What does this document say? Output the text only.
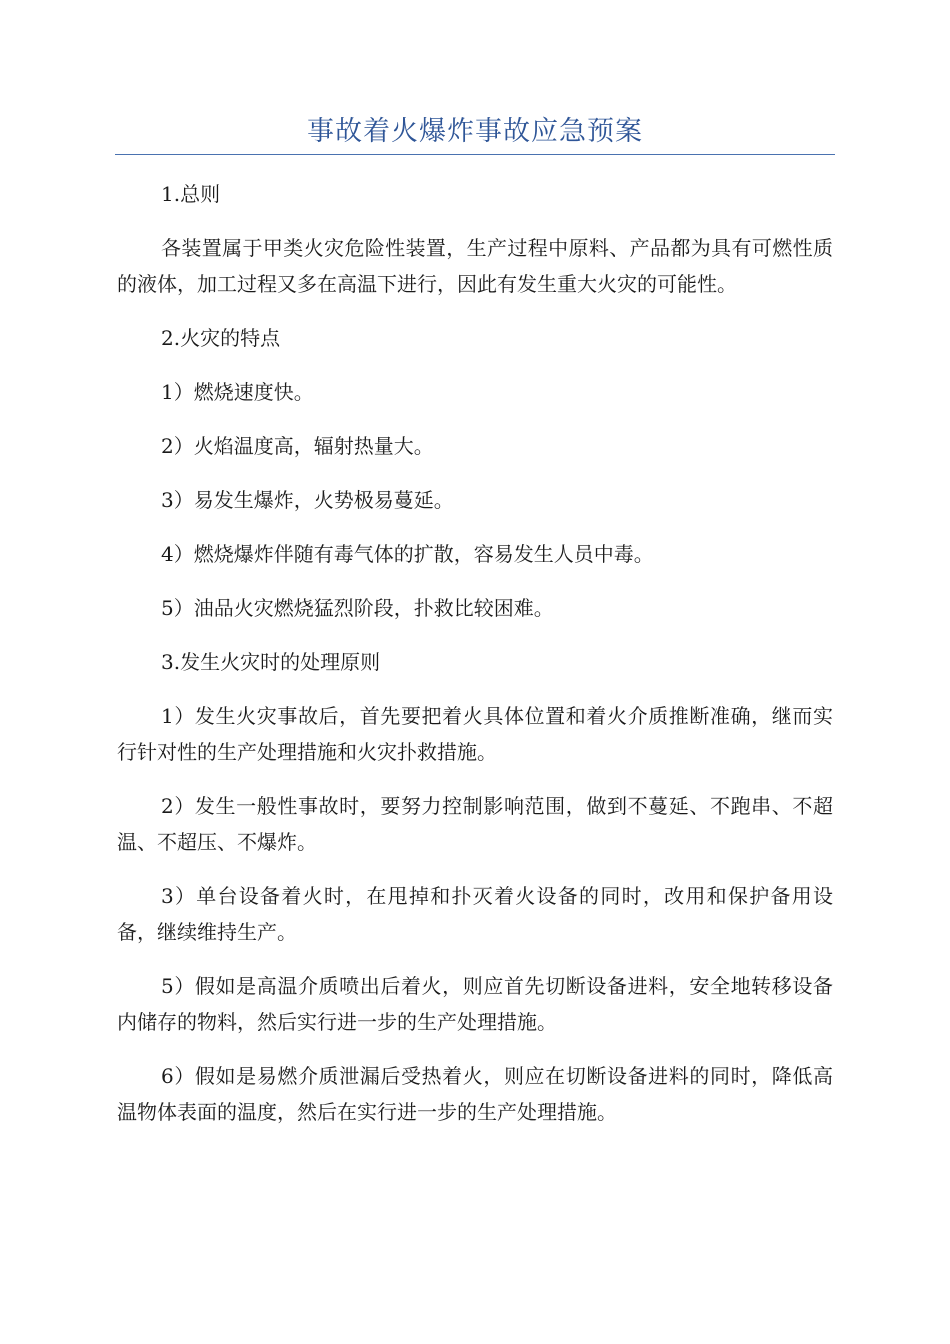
事故着火爆炸事故应急预案

1.总则

各装置属于甲类火灾危险性装置，生产过程中原料、产品都为具有可燃性质的液体，加工过程又多在高温下进行，因此有发生重大火灾的可能性。

2.火灾的特点

1）燃烧速度快。

2）火焰温度高，辐射热量大。

3）易发生爆炸，火势极易蔓延。

4）燃烧爆炸伴随有毒气体的扩散，容易发生人员中毒。

5）油品火灾燃烧猛烈阶段，扑救比较困难。

3.发生火灾时的处理原则

1）发生火灾事故后，首先要把着火具体位置和着火介质推断准确，继而实行针对性的生产处理措施和火灾扑救措施。

2）发生一般性事故时，要努力控制影响范围，做到不蔓延、不跑串、不超温、不超压、不爆炸。

3）单台设备着火时，在甩掉和扑灭着火设备的同时，改用和保护备用设备，继续维持生产。

5）假如是高温介质喷出后着火，则应首先切断设备进料，安全地转移设备内储存的物料，然后实行进一步的生产处理措施。

6）假如是易燃介质泄漏后受热着火，则应在切断设备进料的同时，降低高温物体表面的温度，然后在实行进一步的生产处理措施。
